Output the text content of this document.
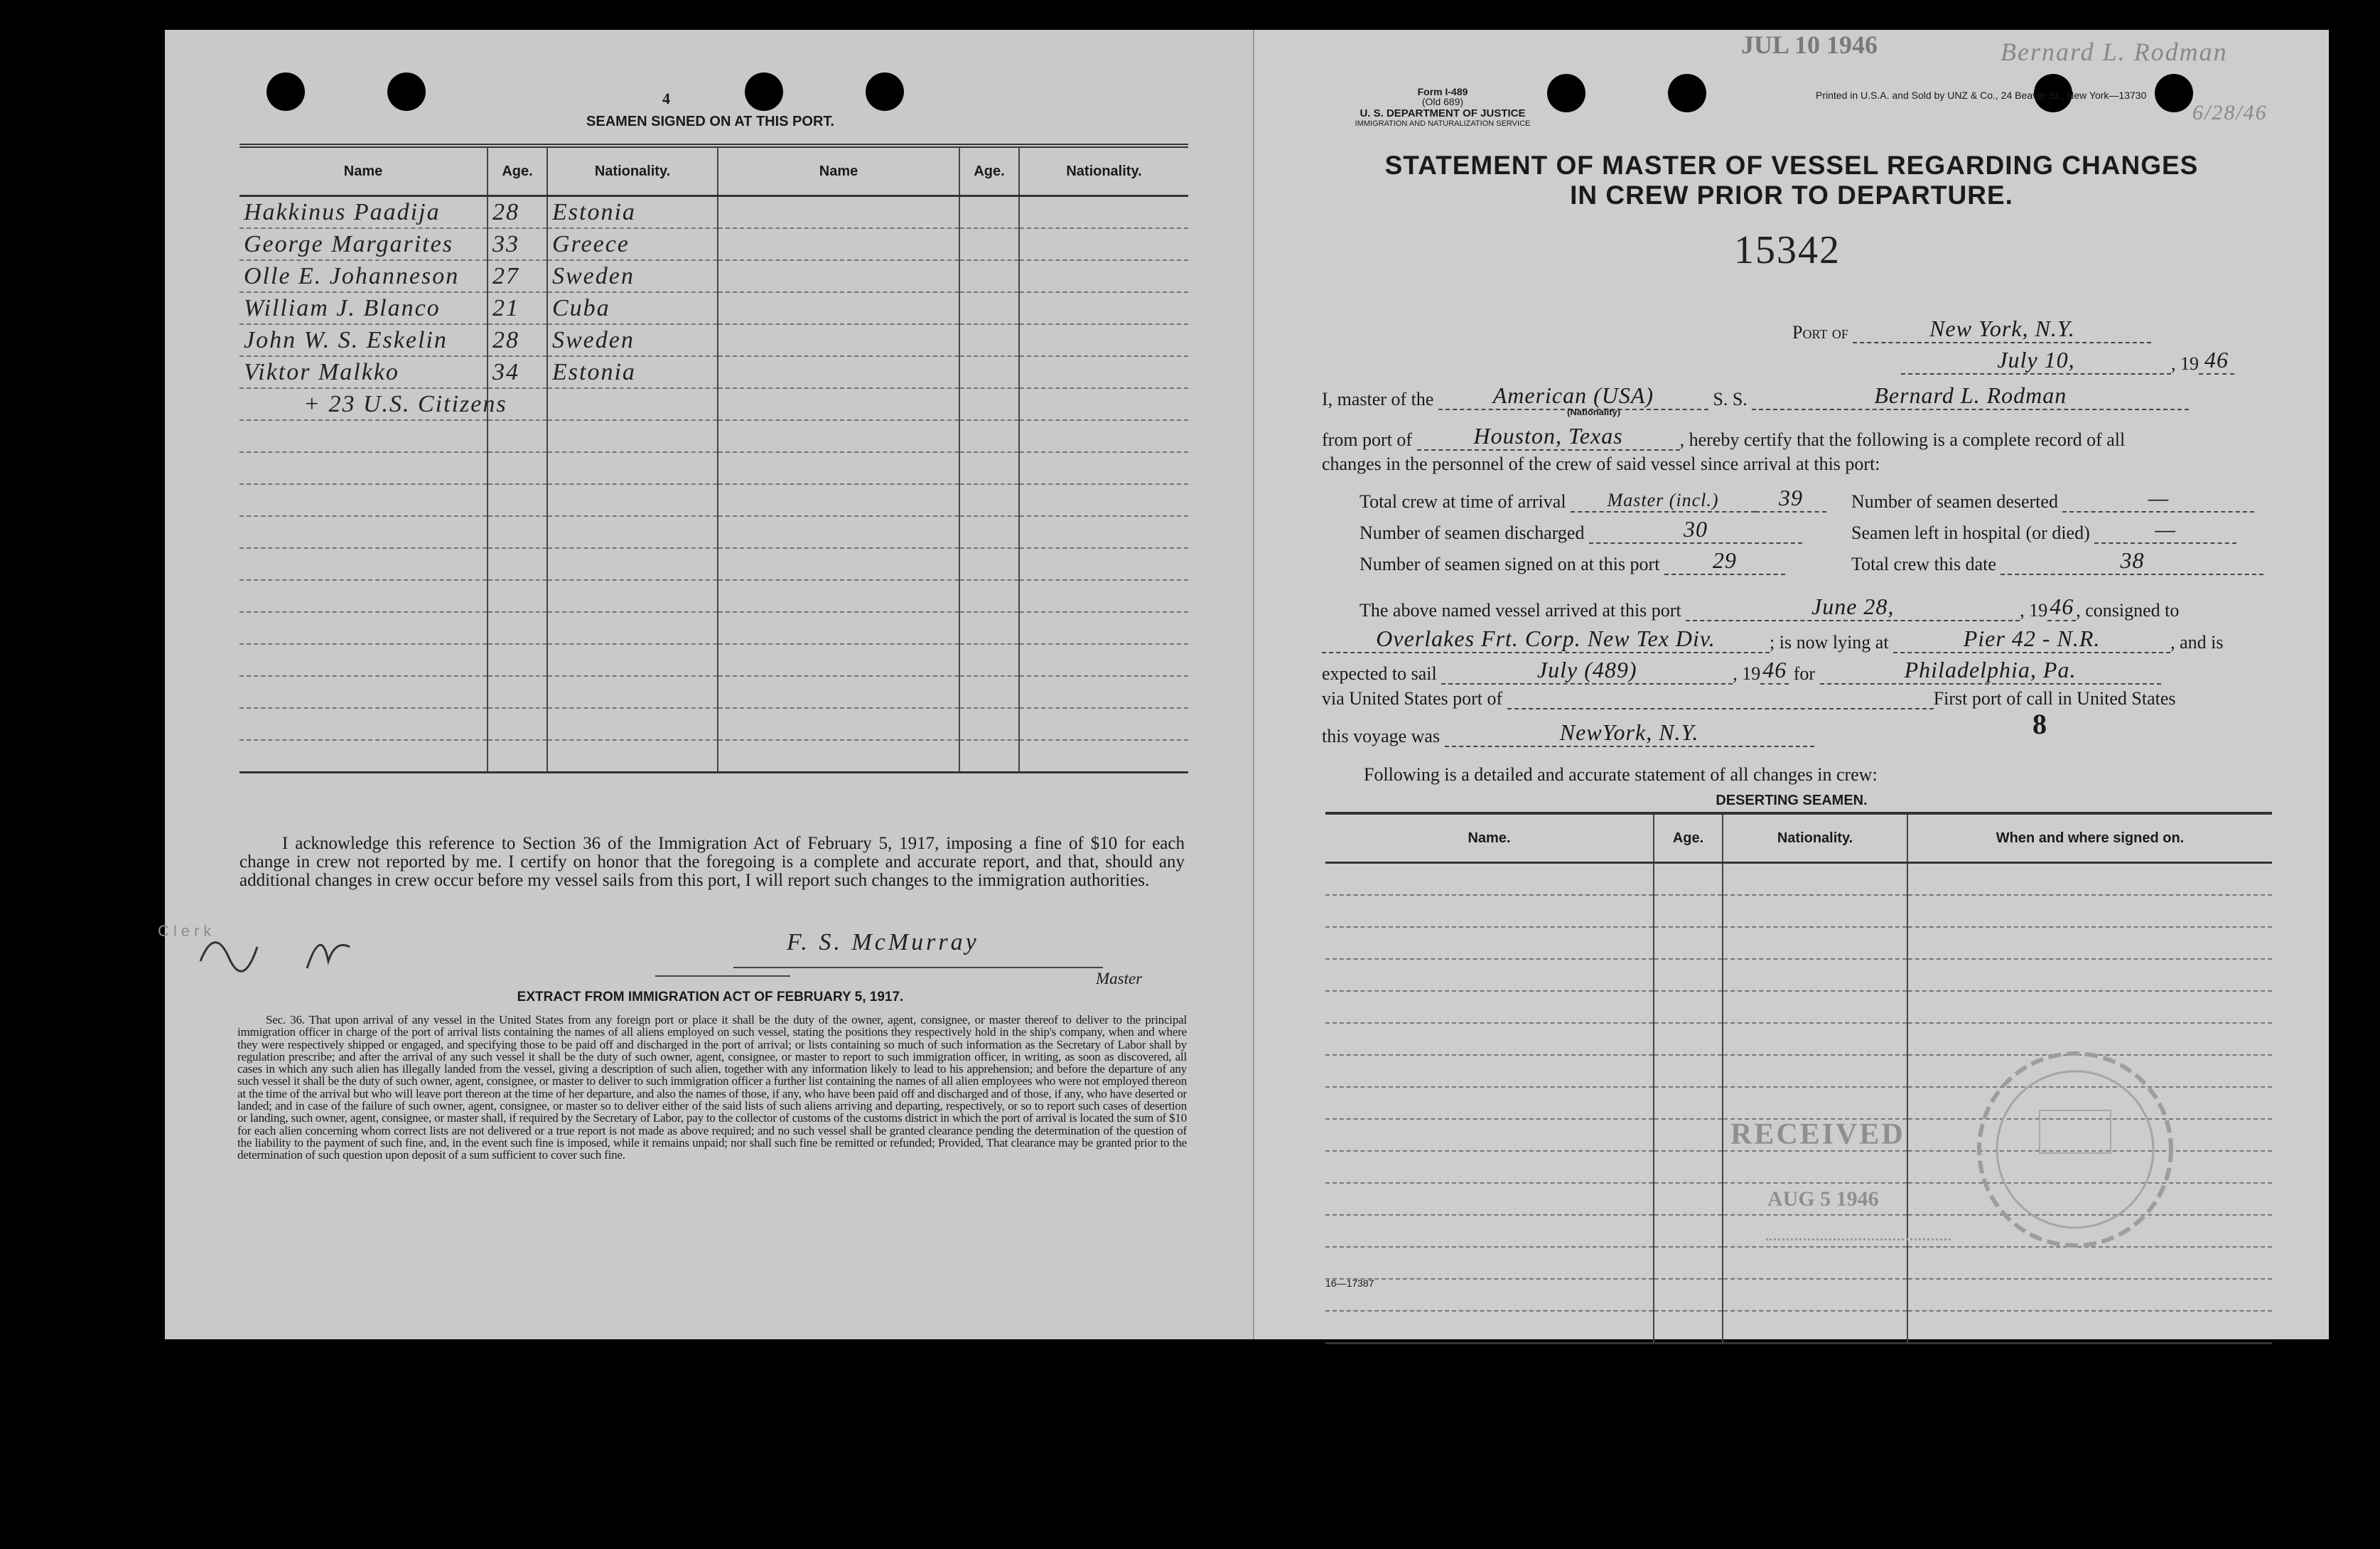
4
SEAMEN SIGNED ON AT THIS PORT.
Name	Age.	Nationality.	Name	Age.	Nationality.
Hakkinus Paadija	28	Estonia			
George Margarites	33	Greece			
Olle E. Johanneson	27	Sweden			
William J. Blanco	21	Cuba			
John W. S. Eskelin	28	Sweden			
Viktor Malkko	34	Estonia			
+ 23 U.S. Citizens					

I acknowledge this reference to Section 36 of the Immigration Act of February 5, 1917, imposing a fine of $10 for each change in crew not reported by me. I certify on honor that the foregoing is a complete and accurate report, and that, should any additional changes in crew occur before my vessel sails from this port, I will report such changes to the immigration authorities.
Clerk	F. S. McMurray
Master
EXTRACT FROM IMMIGRATION ACT OF FEBRUARY 5, 1917.
Sec. 36. That upon arrival of any vessel in the United States from any foreign port or place it shall be the duty of the owner, agent, consignee, or master thereof to deliver to the principal immigration officer in charge of the port of arrival lists containing the names of all aliens employed on such vessel, stating the positions they respectively hold in the ship's company, when and where they were respectively shipped or engaged, and specifying those to be paid off and discharged in the port of arrival; or lists containing so much of such information as the Secretary of Labor shall by regulation prescribe; and after the arrival of any such vessel it shall be the duty of such owner, agent, consignee, or master to report to such immigration officer, in writing, as soon as discovered, all cases in which any such alien has illegally landed from the vessel, giving a description of such alien, together with any information likely to lead to his apprehension; and before the departure of any such vessel it shall be the duty of such owner, agent, consignee, or master to deliver to such immigration officer a further list containing the names of all alien employees who were not employed thereon at the time of the arrival but who will leave port thereon at the time of her departure, and also the names of those, if any, who have been paid off and discharged and of those, if any, who have deserted or landed; and in case of the failure of such owner, agent, consignee, or master so to deliver either of the said lists of such aliens arriving and departing, respectively, or so to report such cases of desertion or landing, such owner, agent, consignee, or master shall, if required by the Secretary of Labor, pay to the collector of customs of the customs district in which the port of arrival is located the sum of $10 for each alien concerning whom correct lists are not delivered or a true report is not made as above required; and no such vessel shall be granted clearance pending the determination of the question of the liability to the payment of such fine, and, in the event such fine is imposed, while it remains unpaid; nor shall such fine be remitted or refunded; Provided, That clearance may be granted prior to the determination of such question upon deposit of a sum sufficient to cover such fine.
JUL 10 1946	Bernard L. Rodman
6/28/46
Form I-489
(Old 689)
U. S. DEPARTMENT OF JUSTICE
IMMIGRATION AND NATURALIZATION SERVICE
Printed in U.S.A. and Sold by UNZ & Co., 24 Beaver St., New York—13730
STATEMENT OF MASTER OF VESSEL REGARDING CHANGES
IN CREW PRIOR TO DEPARTURE.
15342
Port of	New York, N.Y.
July 10,	, 19 46
I, master of the	American (USA)	S. S.	Bernard L. Rodman
(Nationality)
from port of	Houston, Texas	, hereby certify that the following is a complete record of all
changes in the personnel of the crew of said vessel since arrival at this port:
Total crew at time of arrival Master (incl.)	39	Number of seamen deserted	—
Number of seamen discharged	30	Seamen left in hospital (or died)	—
Number of seamen signed on at this port 29	Total crew this date	38
The above named vessel arrived at this port	June 28,	, 1946 , consigned to
Overlakes Frt. Corp. New Tex Div.	; is now lying at	Pier 42 - N.R.	, and is
expected to sail	July (489)	, 1946 for	Philadelphia, Pa.
via United States port of	First port of call in United States
this voyage was	NewYork, N.Y.	8
Following is a detailed and accurate statement of all changes in crew:
DESERTING SEAMEN.
Name.	Age.	Nationality.	When and where signed on.

RECEIVED
AUG 5 1946
16—17387
